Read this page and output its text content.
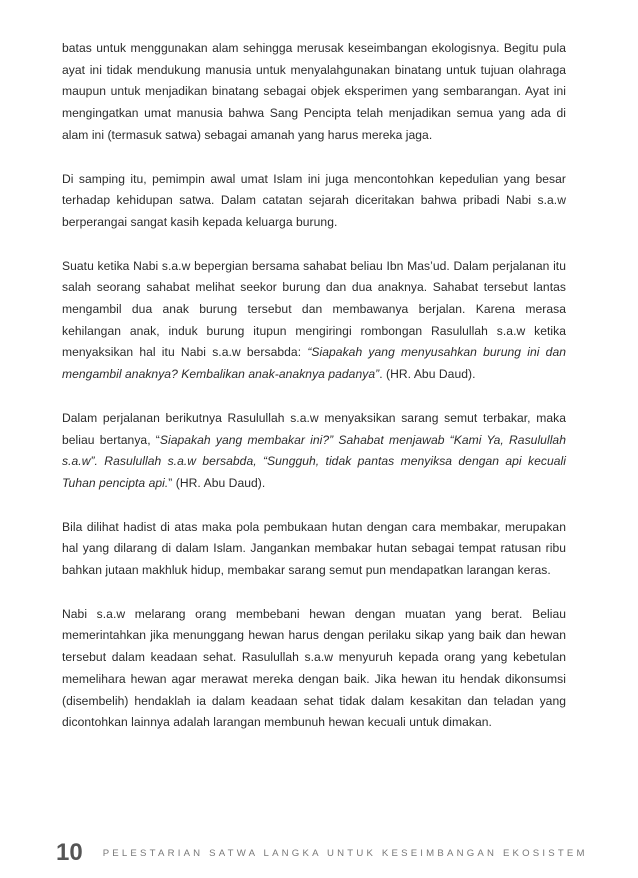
batas untuk menggunakan alam sehingga merusak keseimbangan ekologisnya. Begitu pula ayat ini tidak mendukung manusia untuk menyalahgunakan binatang untuk tujuan olahraga maupun untuk menjadikan binatang sebagai objek eksperimen yang sembarangan. Ayat ini mengingatkan umat manusia bahwa Sang Pencipta telah menjadikan semua yang ada di alam ini (termasuk satwa) sebagai amanah yang harus mereka jaga.

Di samping itu, pemimpin awal umat Islam ini juga mencontohkan kepedulian yang besar terhadap kehidupan satwa. Dalam catatan sejarah diceritakan bahwa pribadi Nabi s.a.w berperangai sangat kasih kepada keluarga burung.

Suatu ketika Nabi s.a.w bepergian bersama sahabat beliau Ibn Mas’ud. Dalam perjalanan itu salah seorang sahabat melihat seekor burung dan dua anaknya. Sahabat tersebut lantas mengambil dua anak burung tersebut dan membawanya berjalan. Karena merasa kehilangan anak, induk burung itupun mengiringi rombongan Rasulullah s.a.w ketika menyaksikan hal itu Nabi s.a.w bersabda: “Siapakah yang menyusahkan burung ini dan mengambil anaknya? Kembalikan anak-anaknya padanya”. (HR. Abu Daud).

Dalam perjalanan berikutnya Rasulullah s.a.w menyaksikan sarang semut terbakar, maka beliau bertanya, “Siapakah yang membakar ini?” Sahabat menjawab “Kami Ya, Rasulullah s.a.w”. Rasulullah s.a.w bersabda, “Sungguh, tidak pantas menyiksa dengan api kecuali Tuhan pencipta api.” (HR. Abu Daud).

Bila dilihat hadist di atas maka pola pembukaan hutan dengan cara membakar, merupakan hal yang dilarang di dalam Islam. Jangankan membakar hutan sebagai tempat ratusan ribu bahkan jutaan makhluk hidup, membakar sarang semut pun mendapatkan larangan keras.

Nabi s.a.w melarang orang membebani hewan dengan muatan yang berat. Beliau memerintahkan jika menunggang hewan harus dengan perilaku sikap yang baik dan hewan tersebut dalam keadaan sehat. Rasulullah s.a.w menyuruh kepada orang yang kebetulan memelihara hewan agar merawat mereka dengan baik. Jika hewan itu hendak dikonsumsi (disembelih) hendaklah ia dalam keadaan sehat tidak dalam kesakitan dan teladan yang dicontohkan lainnya adalah larangan membunuh hewan kecuali untuk dimakan.

10 PELESTARIAN SATWA LANGKA UNTUK KESEIMBANGAN EKOSISTEM
